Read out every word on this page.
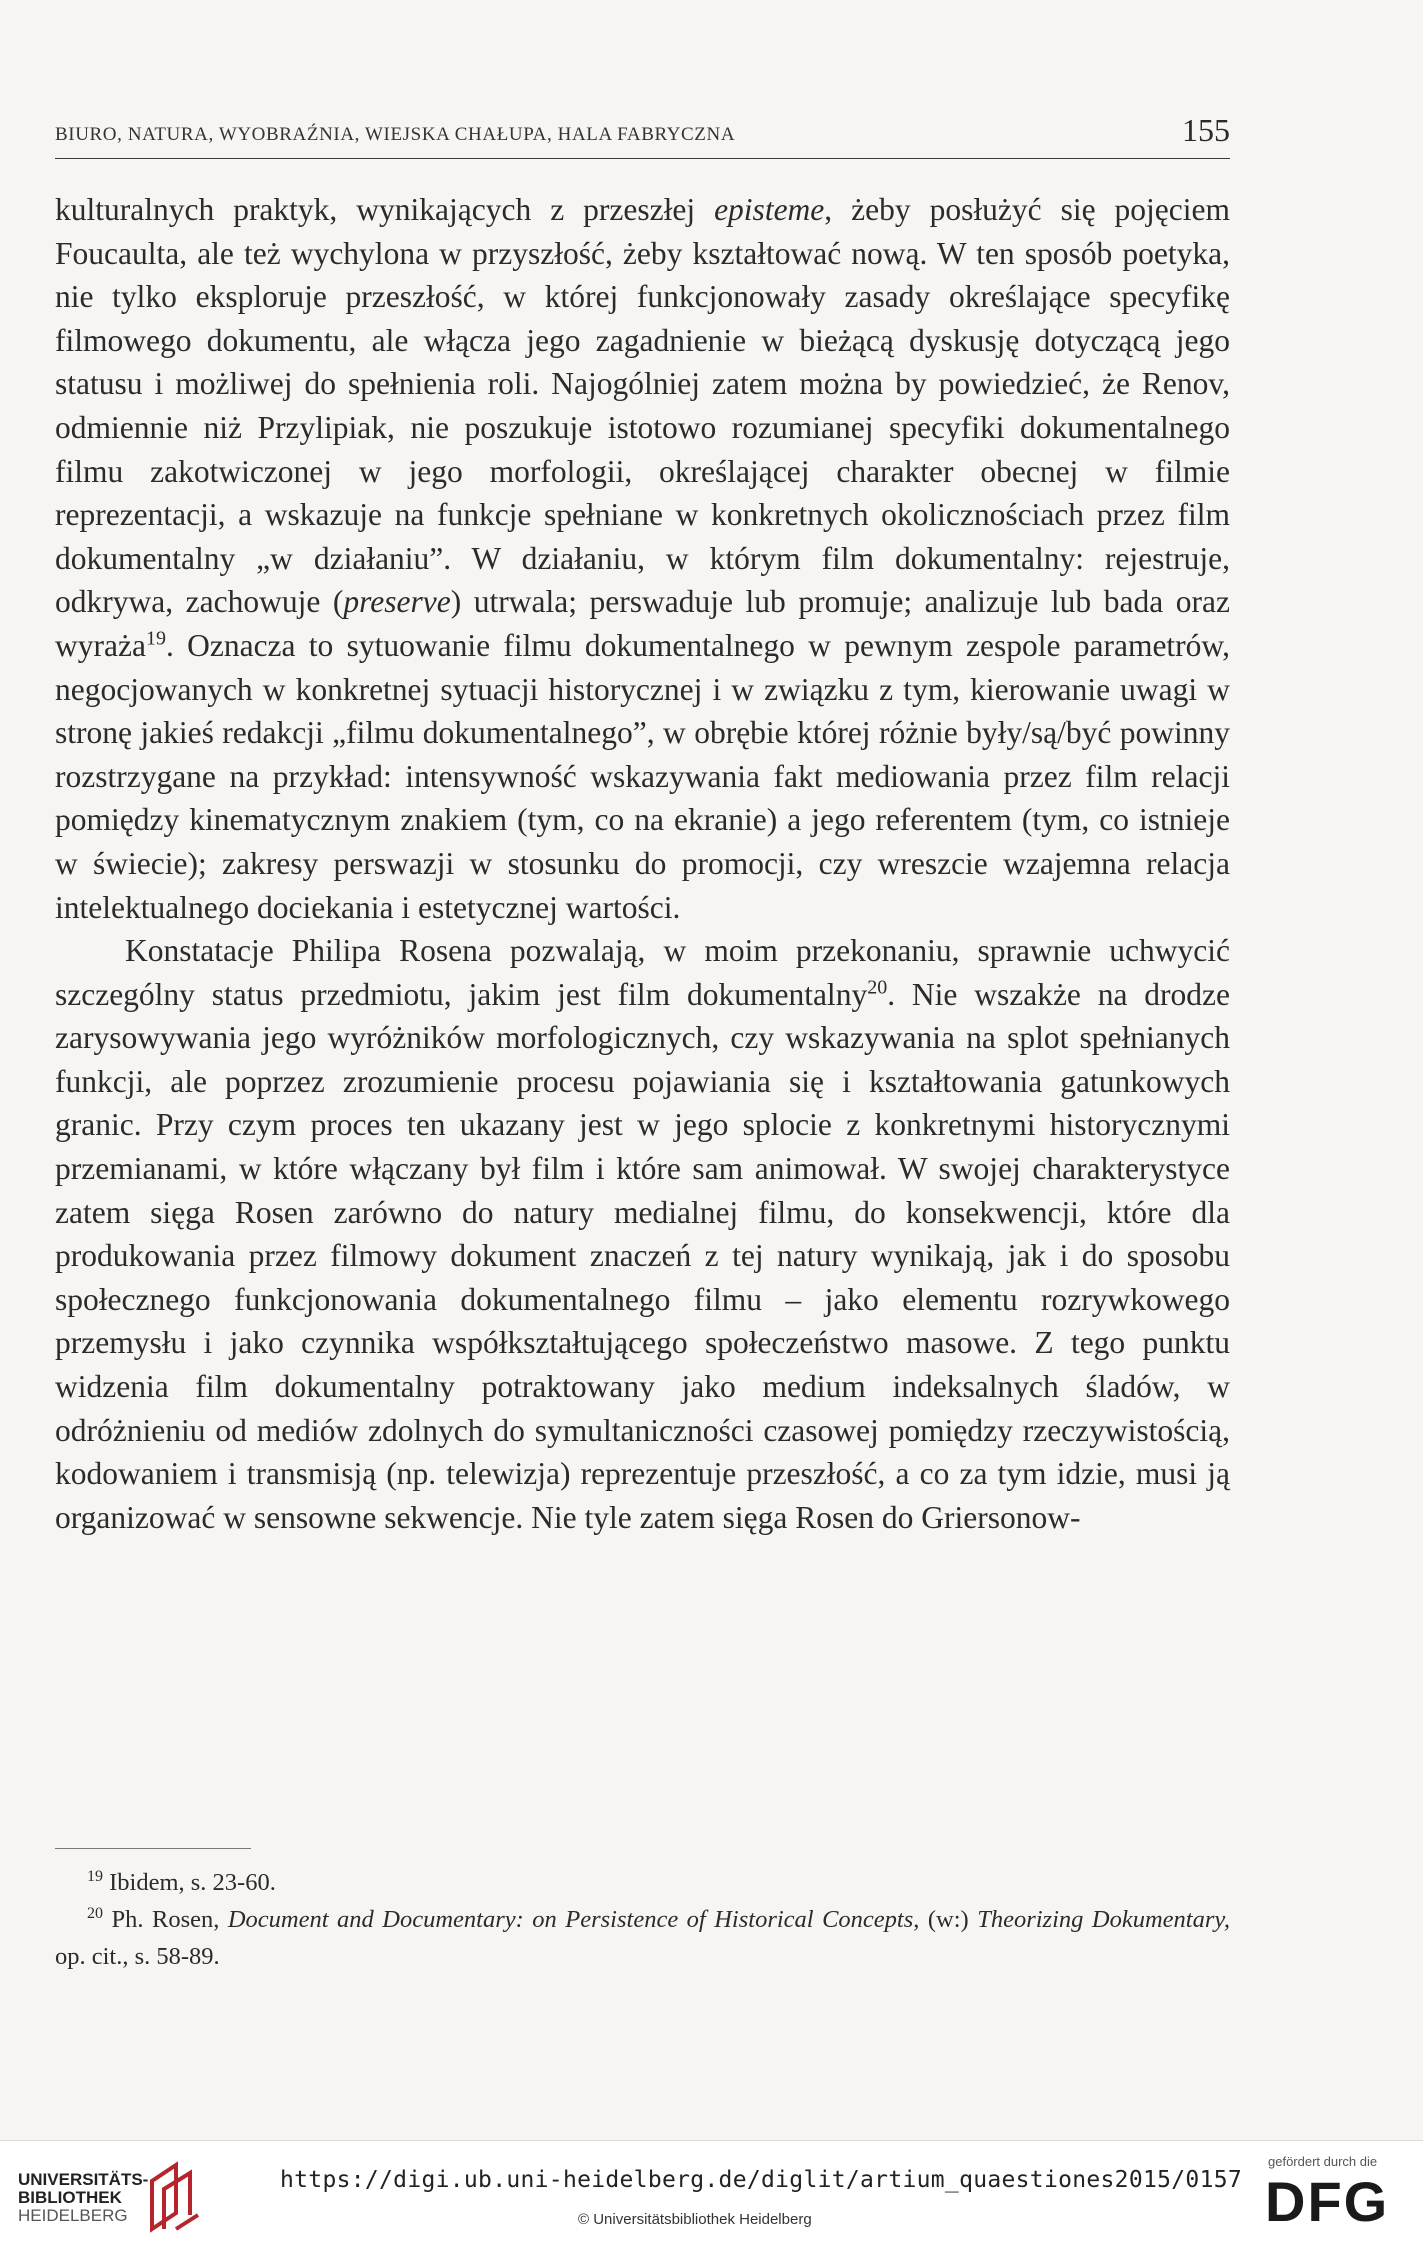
BIURO, NATURA, WYOBRAŹNIA, WIEJSKA CHAŁUPA, HALA FABRYCZNA	155

kulturalnych praktyk, wynikających z przeszłej episteme, żeby posłużyć się pojęciem Foucaulta, ale też wychylona w przyszłość, żeby kształtować nową. W ten sposób poetyka, nie tylko eksploruje przeszłość, w której funkcjonowały zasady określające specyfikę filmowego dokumentu, ale włącza jego zagadnienie w bieżącą dyskusję dotyczącą jego statusu i możliwej do spełnienia roli. Najogólniej zatem można by powiedzieć, że Renov, odmiennie niż Przylipiak, nie poszukuje istotowo rozumianej specyfiki dokumentalnego filmu zakotwiczonej w jego morfologii, określającej charakter obecnej w filmie reprezentacji, a wskazuje na funkcje spełniane w konkretnych okolicznościach przez film dokumentalny „w działaniu”. W działaniu, w którym film dokumentalny: rejestruje, odkrywa, zachowuje (preserve) utrwala; perswaduje lub promuje; analizuje lub bada oraz wyraża$^{19}$. Oznacza to sytuowanie filmu dokumentalnego w pewnym zespole parametrów, negocjowanych w konkretnej sytuacji historycznej i w związku z tym, kierowanie uwagi w stronę jakieś redakcji „filmu dokumentalnego”, w obrębie której różnie były/są/być powinny rozstrzygane na przykład: intensywność wskazywania fakt mediowania przez film relacji pomiędzy kinematycznym znakiem (tym, co na ekranie) a jego referentem (tym, co istnieje w świecie); zakresy perswazji w stosunku do promocji, czy wreszcie wzajemna relacja intelektualnego dociekania i estetycznej wartości.

Konstatacje Philipa Rosena pozwalają, w moim przekonaniu, sprawnie uchwycić szczególny status przedmiotu, jakim jest film dokumentalny$^{20}$. Nie wszakże na drodze zarysowywania jego wyróżników morfologicznych, czy wskazywania na splot spełnianych funkcji, ale poprzez zrozumienie procesu pojawiania się i kształtowania gatunkowych granic. Przy czym proces ten ukazany jest w jego splocie z konkretnymi historycznymi przemianami, w które włączany był film i które sam animował. W swojej charakterystyce zatem sięga Rosen zarówno do natury medialnej filmu, do konsekwencji, które dla produkowania przez filmowy dokument znaczeń z tej natury wynikają, jak i do sposobu społecznego funkcjonowania dokumentalnego filmu – jako elementu rozrywkowego przemysłu i jako czynnika współkształtującego społeczeństwo masowe. Z tego punktu widzenia film dokumentalny potraktowany jako medium indeksalnych śladów, w odróżnieniu od mediów zdolnych do symultaniczności czasowej pomiędzy rzeczywistością, kodowaniem i transmisją (np. telewizja) reprezentuje przeszłość, a co za tym idzie, musi ją organizować w sensowne sekwencje. Nie tyle zatem sięga Rosen do Griersonow-

$^{19}$ Ibidem, s. 23-60.

$^{20}$ Ph. Rosen, Document and Documentary: on Persistence of Historical Concepts, (w:) Theorizing Dokumentary, op. cit., s. 58-89.

UNIVERSITÄTS-
BIBLIOTHEK
HEIDELBERG
https://digi.ub.uni-heidelberg.de/diglit/artium_quaestiones2015/0157
© Universitätsbibliothek Heidelberg
gefördert durch die
DFG
